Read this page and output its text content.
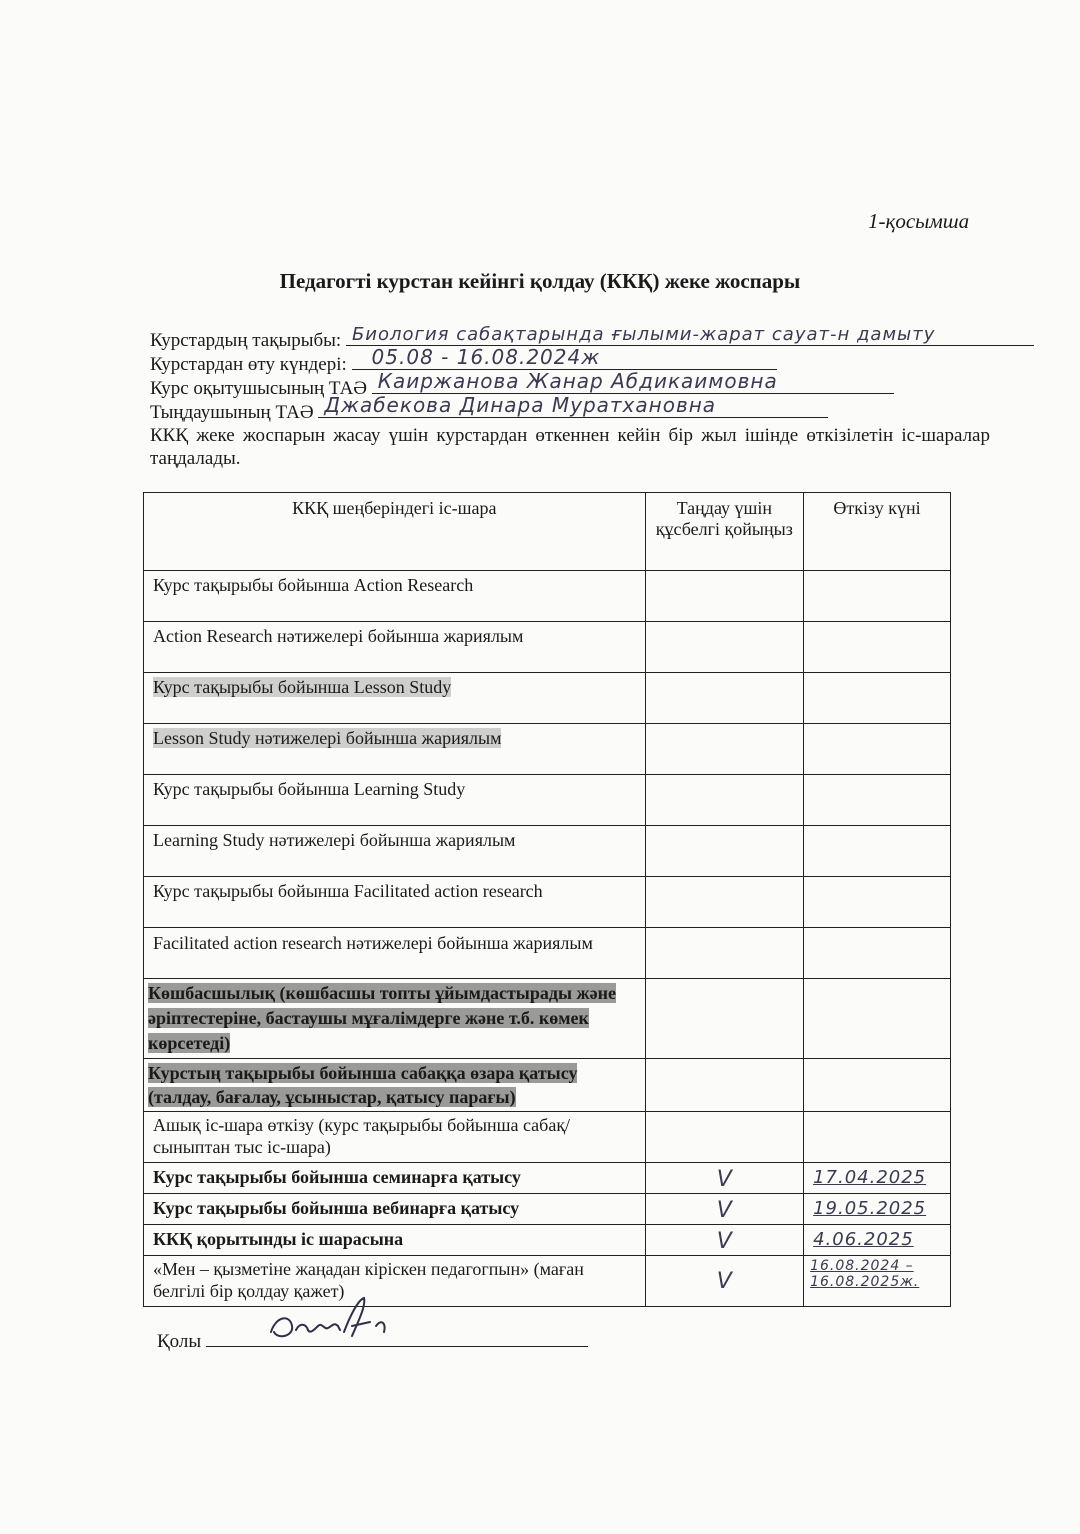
1-қосымша
Педагогті курстан кейінгі қолдау (ККҚ) жеке жоспары
Курстардың тақырыбы: Биология сабақтарында ғылыми-жарат сауат-н дамыту
Курстардан өту күндері: 05.08 - 16.08.2024ж
Курс оқытушысының ТАӘ Каиржанова Жанар Абдикаимовна
Тыңдаушының ТАӘ Джабекова Динара Муратхановна
ККҚ жеке жоспарын жасау үшін курстардан өткеннен кейін бір жыл ішінде өткізілетін іс-шаралар таңдалады.
ККҚ шеңберіндегі іс-шара	Таңдау үшін құсбелгі қойыңыз	Өткізу күні
Курс тақырыбы бойынша Action Research		
Action Research нәтижелері бойынша жариялым		
Курс тақырыбы бойынша Lesson Study		
Lesson Study нәтижелері бойынша жариялым		
Курс тақырыбы бойынша Learning Study		
Learning Study нәтижелері бойынша жариялым		
Курс тақырыбы бойынша Facilitated action research		
Facilitated action research нәтижелері бойынша жариялым		
Көшбасшылық (көшбасшы топты ұйымдастырады және әріптестеріне, бастаушы мұғалімдерге және т.б. көмек көрсетеді)		
Курстың тақырыбы бойынша сабаққа өзара қатысу (талдау, бағалау, ұсыныстар, қатысу парағы)		
Ашық іс-шара өткізу (курс тақырыбы бойынша сабақ/ сыныптан тыс іс-шара)		
Курс тақырыбы бойынша семинарға қатысу	V	17.04.2025
Курс тақырыбы бойынша вебинарға қатысу	V	19.05.2025
ККҚ қорытынды іс шарасына	V	4.06.2025
«Мен – қызметіне жаңадан кіріскен педагогпын» (маған белгілі бір қолдау қажет)	V	16.08.2024 – 16.08.2025ж.
Қолы
